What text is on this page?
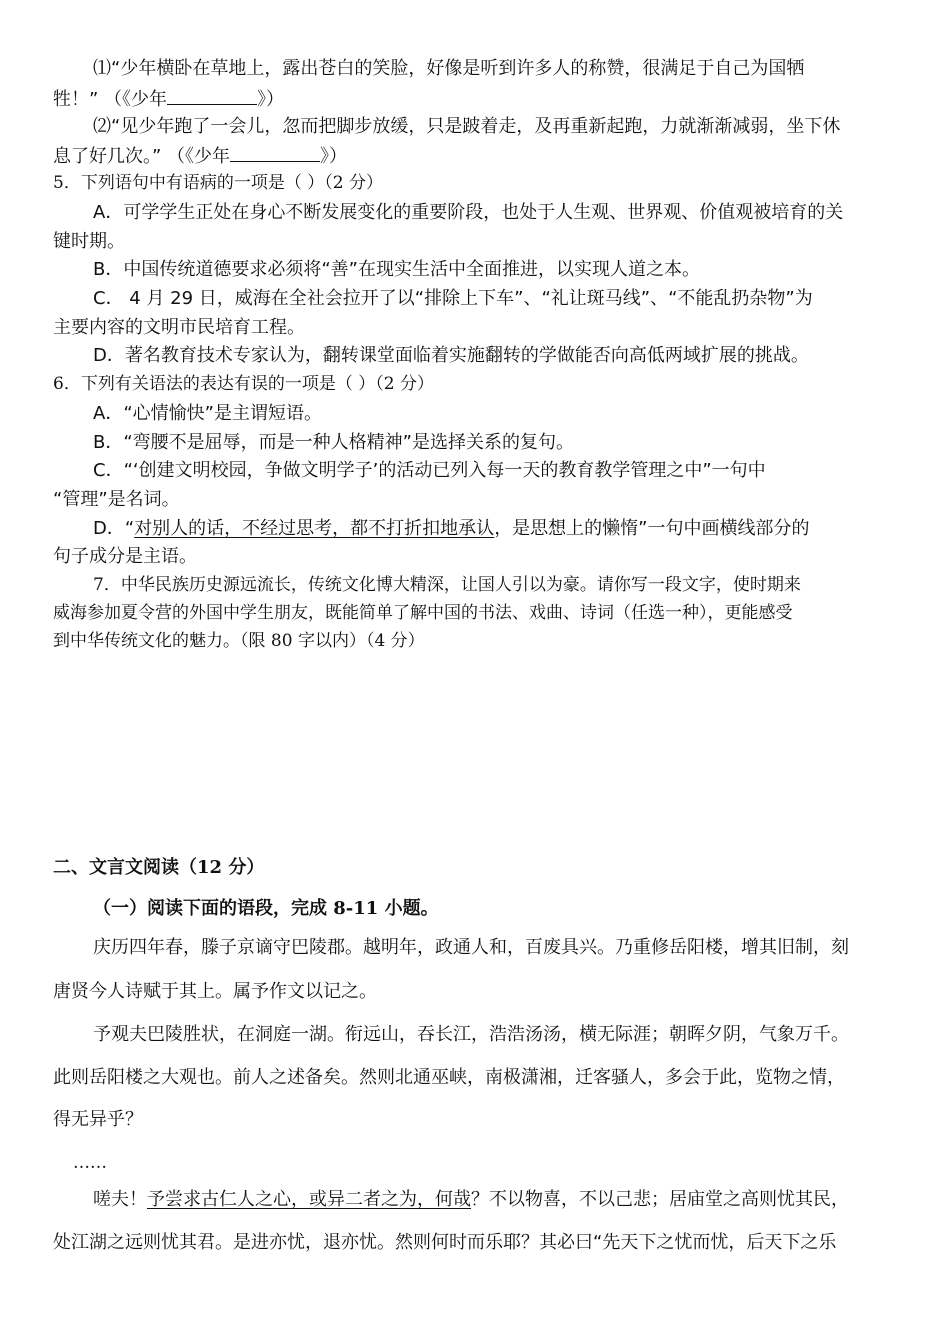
⑴“少年横卧在草地上，露出苍白的笑脸，好像是听到许多人的称赞，很满足于自己为国牺
牲！” （《少年	》）
⑵“见少年跑了一会儿，忽而把脚步放缓，只是跛着走，及再重新起跑，力就渐渐减弱，坐下休
息了好几次。” （《少年	》）
5．下列语句中有语病的一项是（ ）（2 分）
A．可学学生正处在身心不断发展变化的重要阶段，也处于人生观、世界观、价值观被培育的关
键时期。
B．中国传统道德要求必须将“善”在现实生活中全面推进，以实现人道之本。
C． 4 月 29 日，威海在全社会拉开了以“排除上下车”、“礼让斑马线”、“不能乱扔杂物”为
主要内容的文明市民培育工程。
D．著名教育技术专家认为，翻转课堂面临着实施翻转的学做能否向高低两域扩展的挑战。
6．下列有关语法的表达有误的一项是（ ）（2 分）
A．“心情愉快”是主谓短语。
B．“弯腰不是屈辱，而是一种人格精神”是选择关系的复句。
C．“‘创建文明校园，争做文明学子’的活动已列入每一天的教育教学管理之中”一句中
“管理”是名词。
D．“对别人的话，不经过思考，都不打折扣地承认，是思想上的懒惰”一句中画横线部分的
句子成分是主语。
7．中华民族历史源远流长，传统文化博大精深，让国人引以为豪。请你写一段文字，使时期来
威海参加夏令营的外国中学生朋友，既能简单了解中国的书法、戏曲、诗词（任选一种），更能感受
到中华传统文化的魅力。（限 80 字以内）（4 分）
二、文言文阅读（12 分）
（一）阅读下面的语段，完成 8-11 小题。
庆历四年春，滕子京谪守巴陵郡。越明年，政通人和，百废具兴。乃重修岳阳楼，增其旧制，刻
唐贤今人诗赋于其上。属予作文以记之。
予观夫巴陵胜状，在洞庭一湖。衔远山，吞长江，浩浩汤汤，横无际涯；朝晖夕阴，气象万千。
此则岳阳楼之大观也。前人之述备矣。然则北通巫峡，南极潇湘，迁客骚人，多会于此，览物之情，
得无异乎？
……
嗟夫！予尝求古仁人之心，或异二者之为，何哉？不以物喜，不以己悲；居庙堂之高则忧其民，
处江湖之远则忧其君。是进亦忧，退亦忧。然则何时而乐耶？其必曰“先天下之忧而忧，后天下之乐
